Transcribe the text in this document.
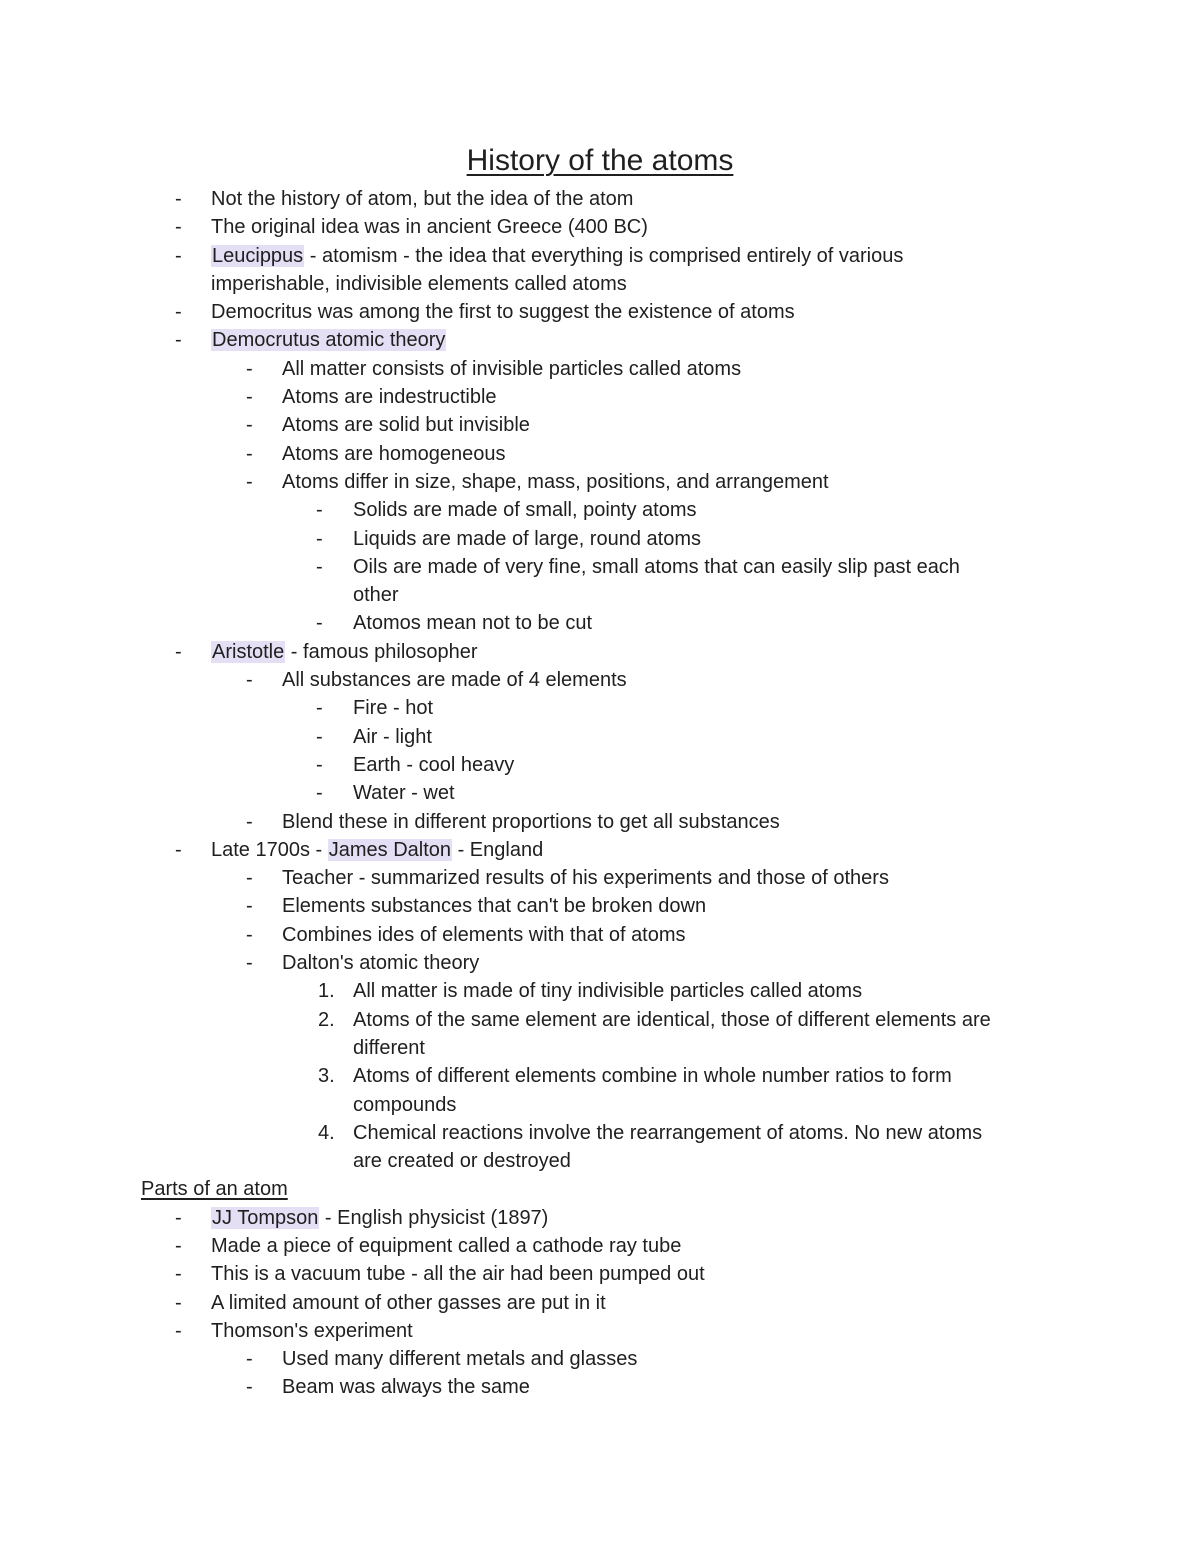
History of the atoms
- Not the history of atom, but the idea of the atom
- The original idea was in ancient Greece (400 BC)
- Leucippus - atomism - the idea that everything is comprised entirely of various
imperishable, indivisible elements called atoms
- Democritus was among the first to suggest the existence of atoms
- Democrutus atomic theory
- All matter consists of invisible particles called atoms
- Atoms are indestructible
- Atoms are solid but invisible
- Atoms are homogeneous
- Atoms differ in size, shape, mass, positions, and arrangement
- Solids are made of small, pointy atoms
- Liquids are made of large, round atoms
- Oils are made of very fine, small atoms that can easily slip past each
other
- Atomos mean not to be cut
- Aristotle - famous philosopher
- All substances are made of 4 elements
- Fire - hot
- Air - light
- Earth - cool heavy
- Water - wet
- Blend these in different proportions to get all substances
- Late 1700s - James Dalton - England
- Teacher - summarized results of his experiments and those of others
- Elements substances that can't be broken down
- Combines ides of elements with that of atoms
- Dalton's atomic theory
1. All matter is made of tiny indivisible particles called atoms
2. Atoms of the same element are identical, those of different elements are
different
3. Atoms of different elements combine in whole number ratios to form
compounds
4. Chemical reactions involve the rearrangement of atoms. No new atoms
are created or destroyed
Parts of an atom
- JJ Tompson - English physicist (1897)
- Made a piece of equipment called a cathode ray tube
- This is a vacuum tube - all the air had been pumped out
- A limited amount of other gasses are put in it
- Thomson's experiment
- Used many different metals and glasses
- Beam was always the same
